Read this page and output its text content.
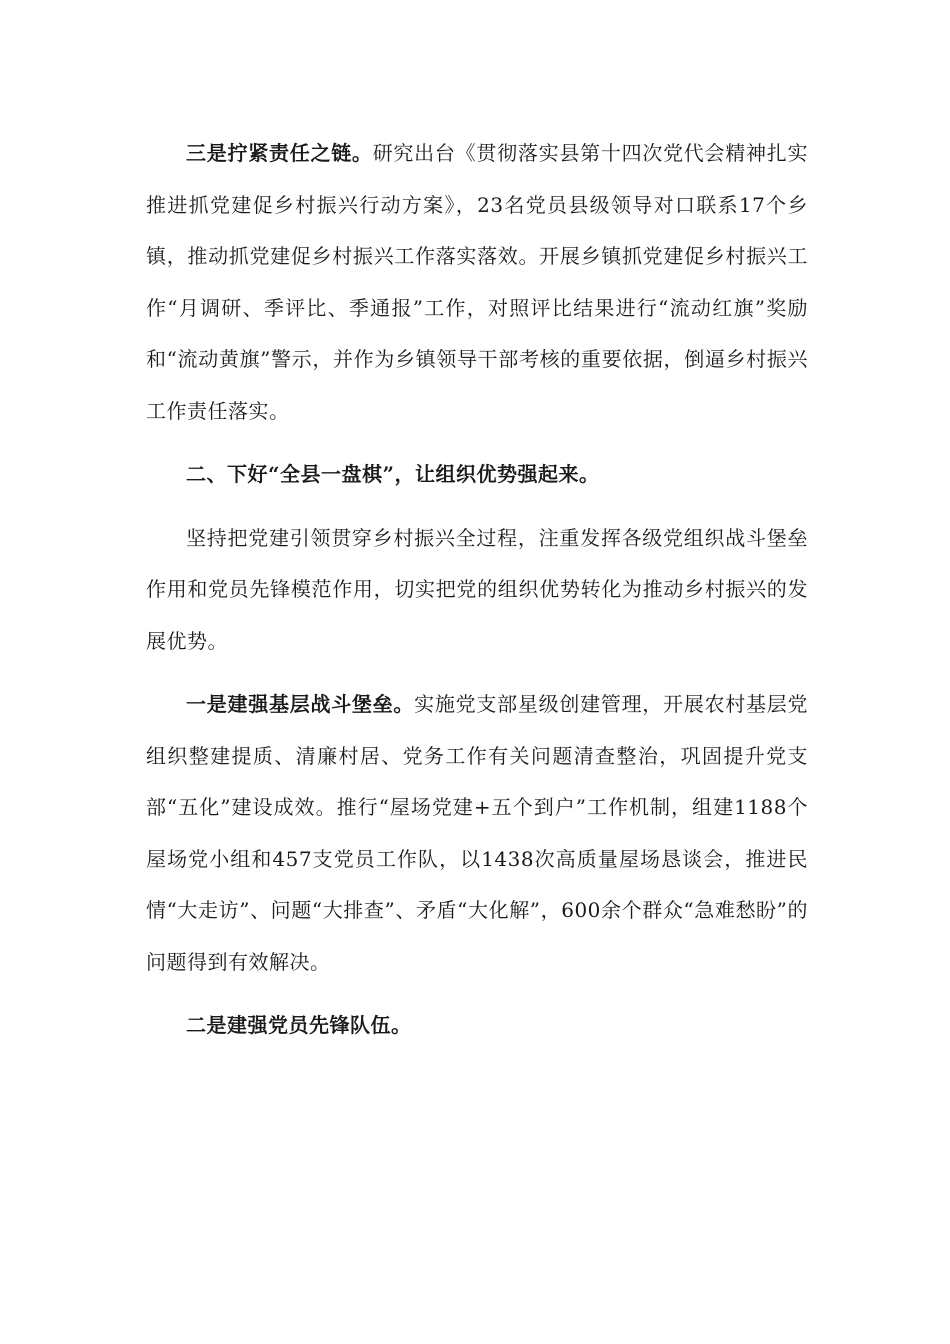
三是拧紧责任之链。研究出台《贯彻落实县第十四次党代会精神扎实推进抓党建促乡村振兴行动方案》，23名党员县级领导对口联系17个乡镇，推动抓党建促乡村振兴工作落实落效。开展乡镇抓党建促乡村振兴工作“月调研、季评比、季通报”工作，对照评比结果进行“流动红旗”奖励和“流动黄旗”警示，并作为乡镇领导干部考核的重要依据，倒逼乡村振兴工作责任落实。

二、下好“全县一盘棋”，让组织优势强起来。

坚持把党建引领贯穿乡村振兴全过程，注重发挥各级党组织战斗堡垒作用和党员先锋模范作用，切实把党的组织优势转化为推动乡村振兴的发展优势。

一是建强基层战斗堡垒。实施党支部星级创建管理，开展农村基层党组织整建提质、清廉村居、党务工作有关问题清查整治，巩固提升党支部“五化”建设成效。推行“屋场党建+五个到户”工作机制，组建1188个屋场党小组和457支党员工作队，以1438次高质量屋场恳谈会，推进民情“大走访”、问题“大排查”、矛盾“大化解”，600余个群众“急难愁盼”的问题得到有效解决。

二是建强党员先锋队伍。
